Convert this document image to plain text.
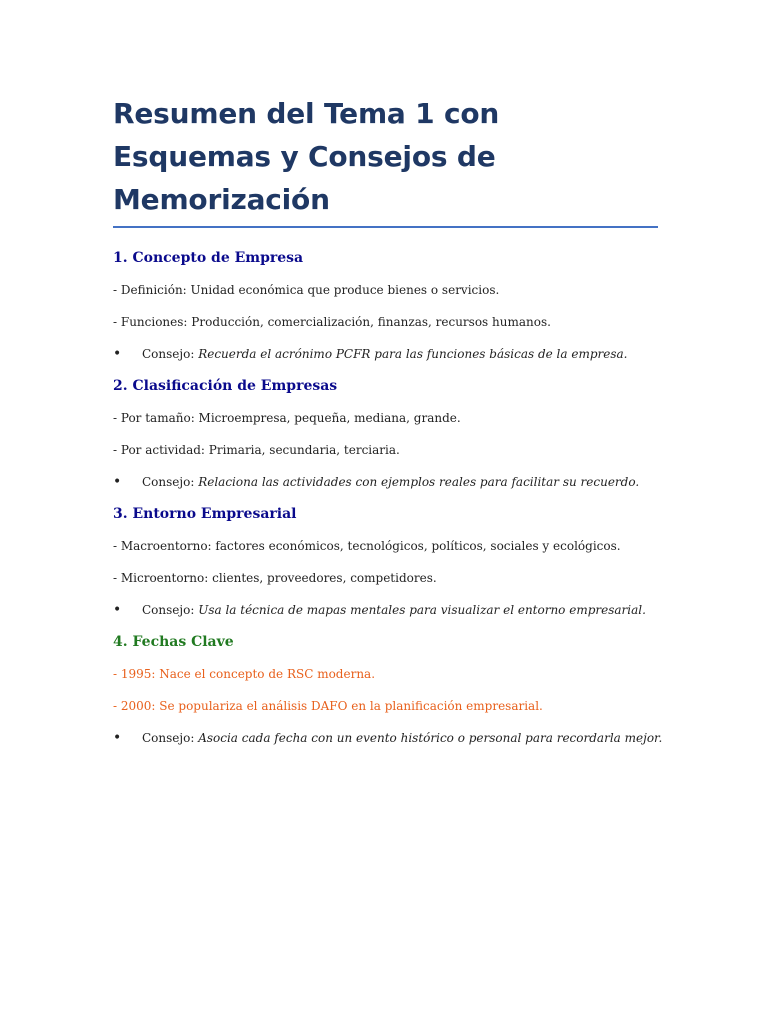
Resumen del Tema 1 con Esquemas y Consejos de Memorización
1. Concepto de Empresa

- Definición: Unidad económica que produce bienes o servicios.

- Funciones: Producción, comercialización, finanzas, recursos humanos.

• Consejo: Recuerda el acrónimo PCFR para las funciones básicas de la empresa.
2. Clasificación de Empresas

- Por tamaño: Microempresa, pequeña, mediana, grande.

- Por actividad: Primaria, secundaria, terciaria.

• Consejo: Relaciona las actividades con ejemplos reales para facilitar su recuerdo.
3. Entorno Empresarial

- Macroentorno: factores económicos, tecnológicos, políticos, sociales y ecológicos.

- Microentorno: clientes, proveedores, competidores.

• Consejo: Usa la técnica de mapas mentales para visualizar el entorno empresarial.
4. Fechas Clave

- 1995: Nace el concepto de RSC moderna.

- 2000: Se populariza el análisis DAFO en la planificación empresarial.

• Consejo: Asocia cada fecha con un evento histórico o personal para recordarla mejor.
